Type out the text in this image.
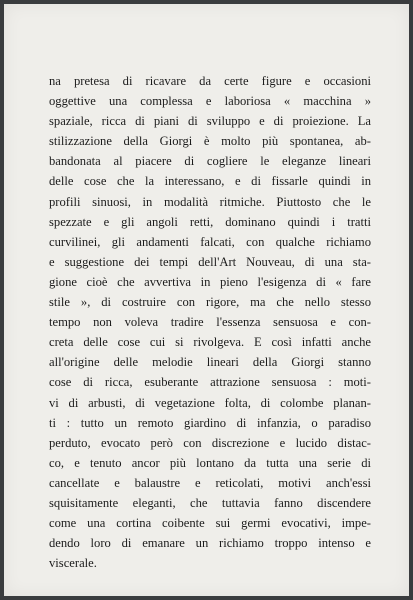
na pretesa di ricavare da certe figure e occasioni
oggettive una complessa e laboriosa « macchina »
spaziale, ricca di piani di sviluppo e di proiezione. La
stilizzazione della Giorgi è molto più spontanea, ab-
bandonata al piacere di cogliere le eleganze lineari
delle cose che la interessano, e di fissarle quindi in
profili sinuosi, in modalità ritmiche. Piuttosto che le
spezzate e gli angoli retti, dominano quindi i tratti
curvilinei, gli andamenti falcati, con qualche richiamo
e suggestione dei tempi dell'Art Nouveau, di una sta-
gione cioè che avvertiva in pieno l'esigenza di « fare
stile », di costruire con rigore, ma che nello stesso
tempo non voleva tradire l'essenza sensuosa e con-
creta delle cose cui si rivolgeva. E così infatti anche
all'origine delle melodie lineari della Giorgi stanno
cose di ricca, esuberante attrazione sensuosa : moti-
vi di arbusti, di vegetazione folta, di colombe planan-
ti : tutto un remoto giardino di infanzia, o paradiso
perduto, evocato però con discrezione e lucido distac-
co, e tenuto ancor più lontano da tutta una serie di
cancellate e balaustre e reticolati, motivi anch'essi
squisitamente eleganti, che tuttavia fanno discendere
come una cortina coibente sui germi evocativi, impe-
dendo loro di emanare un richiamo troppo intenso e
viscerale.
